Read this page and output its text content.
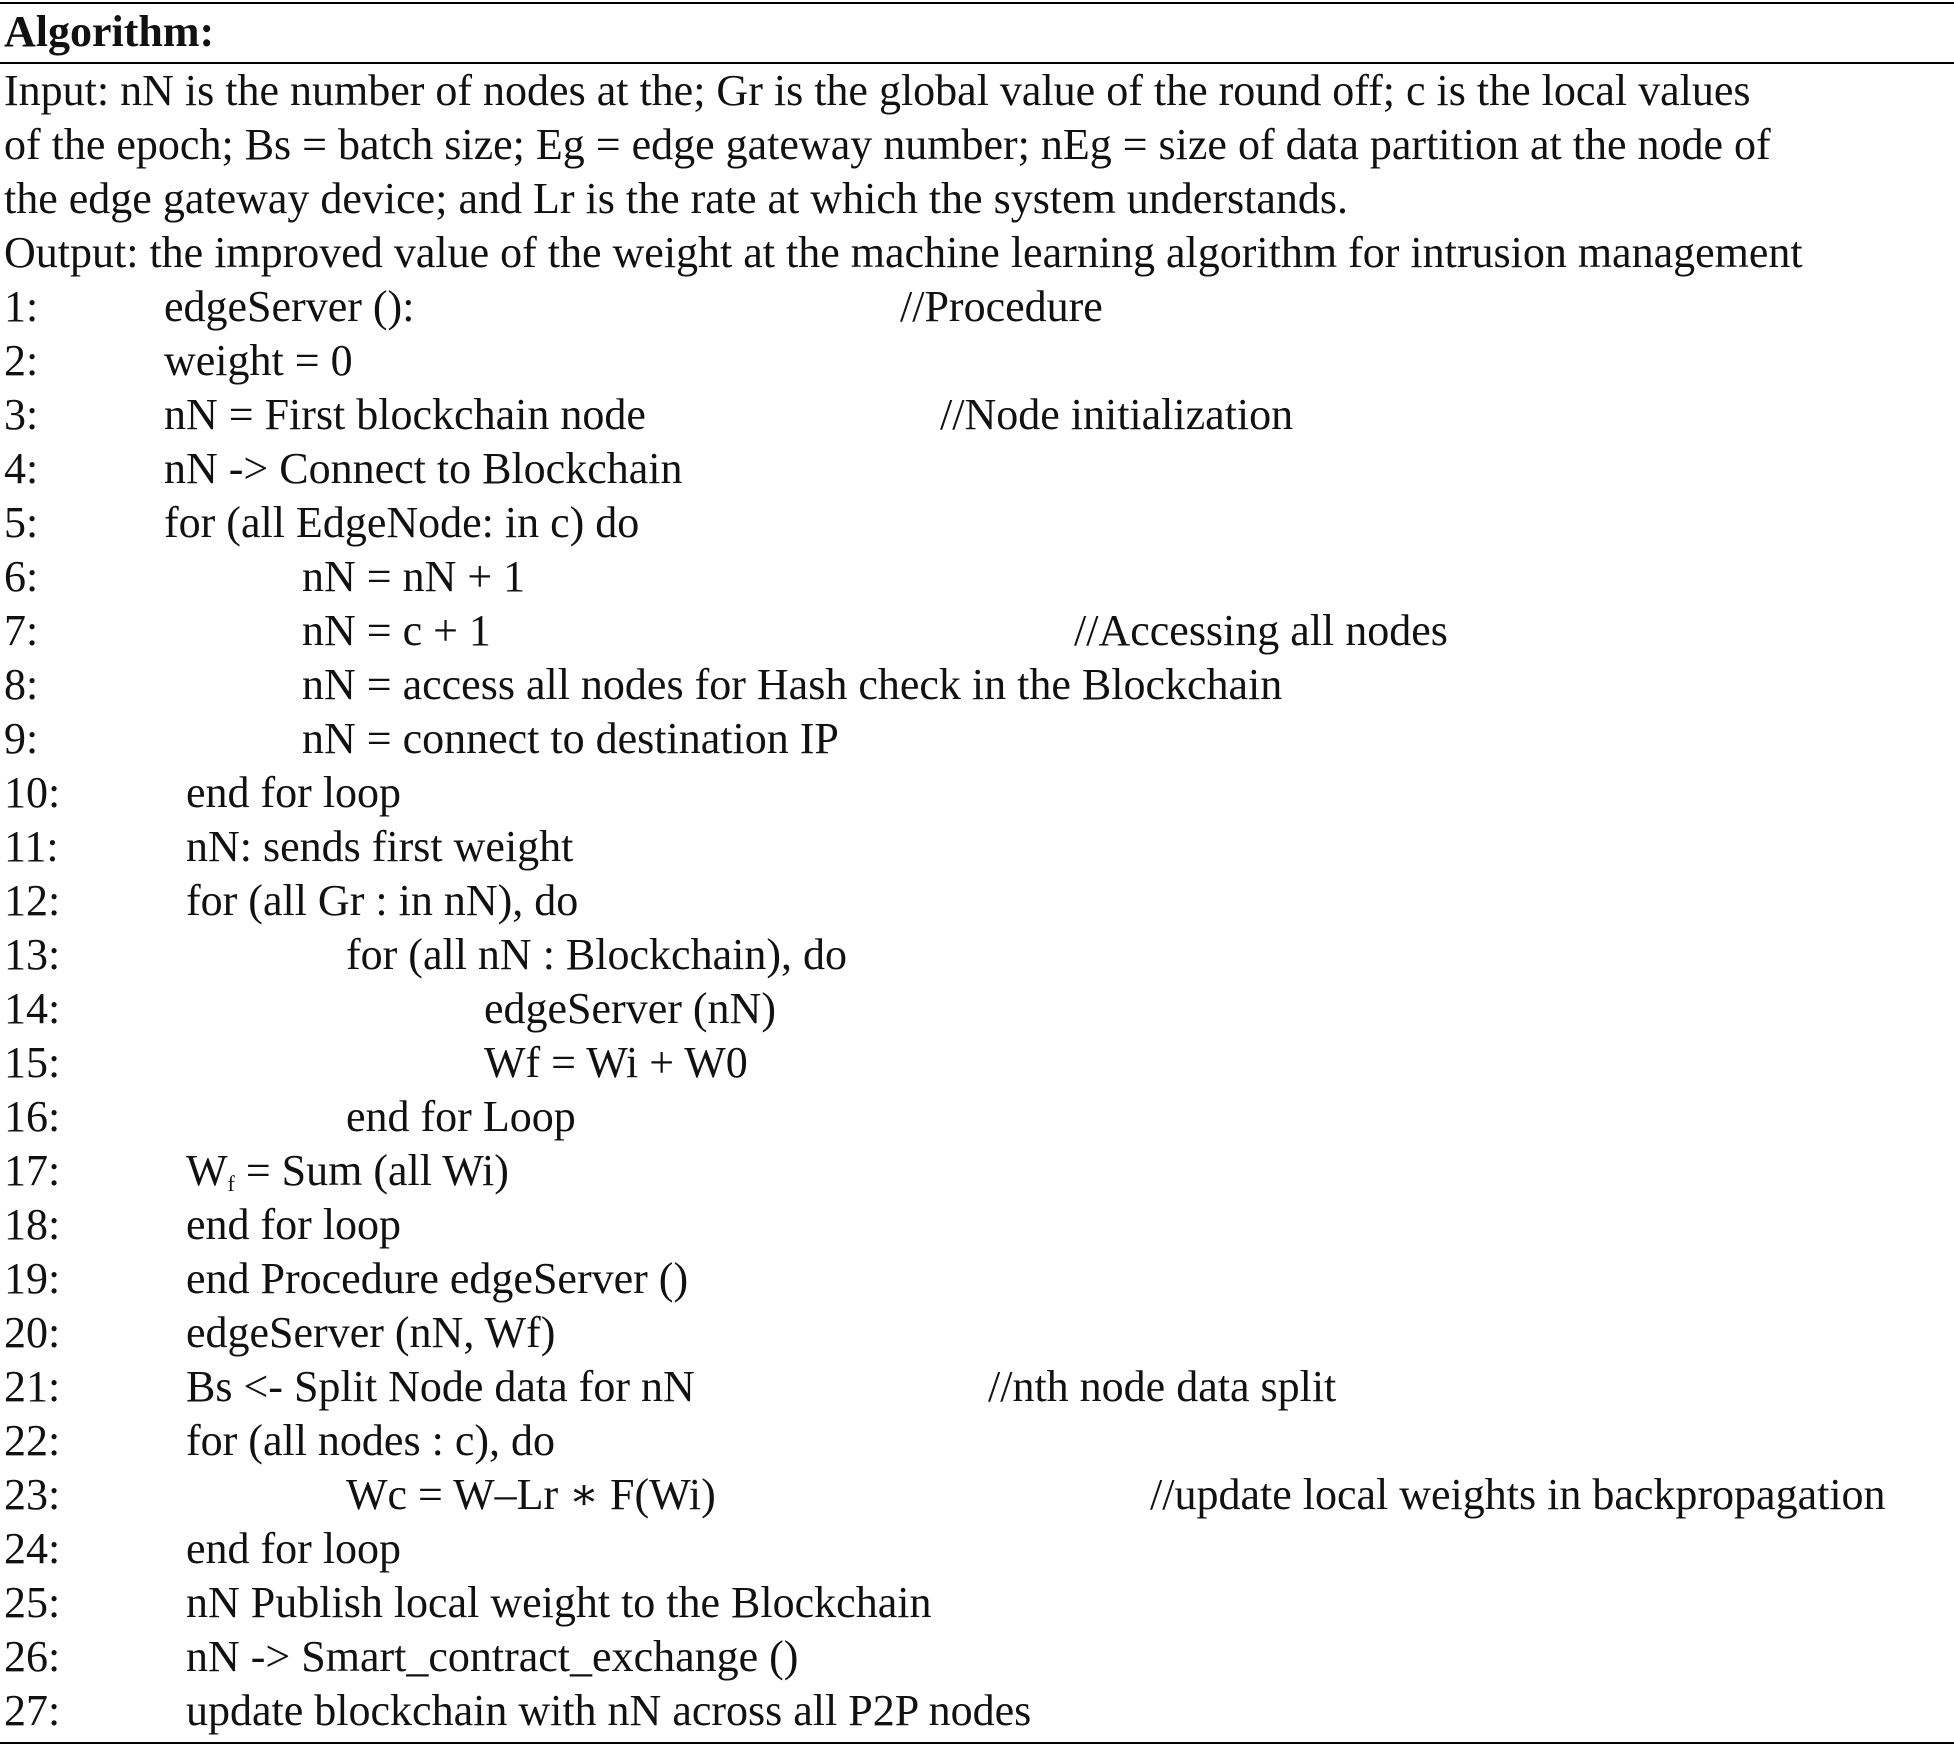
Algorithm:
Input: nN is the number of nodes at the; Gr is the global value of the round off; c is the local values
of the epoch; Bs = batch size; Eg = edge gateway number; nEg = size of data partition at the node of
the edge gateway device; and Lr is the rate at which the system understands.
Output: the improved value of the weight at the machine learning algorithm for intrusion management
1:	edgeServer ():	//Procedure
2:	weight = 0
3:	nN = First blockchain node	//Node initialization
4:	nN -> Connect to Blockchain
5:	for (all EdgeNode: in c) do
6:	nN = nN + 1
7:	nN = c + 1	//Accessing all nodes
8:	nN = access all nodes for Hash check in the Blockchain
9:	nN = connect to destination IP
10:	end for loop
11:	nN: sends first weight
12:	for (all Gr : in nN), do
13:	for (all nN : Blockchain), do
14:	edgeServer (nN)
15:	Wf = Wi + W0
16:	end for Loop
17:	$W_f$ = Sum (all Wi)
18:	end for loop
19:	end Procedure edgeServer ()
20:	edgeServer (nN, Wf)
21:	Bs <- Split Node data for nN	//nth node data split
22:	for (all nodes : c), do
23:	Wc = W–Lr ∗ F(Wi)	//update local weights in backpropagation
24:	end for loop
25:	nN Publish local weight to the Blockchain
26:	nN -> Smart_contract_exchange ()
27:	update blockchain with nN across all P2P nodes
